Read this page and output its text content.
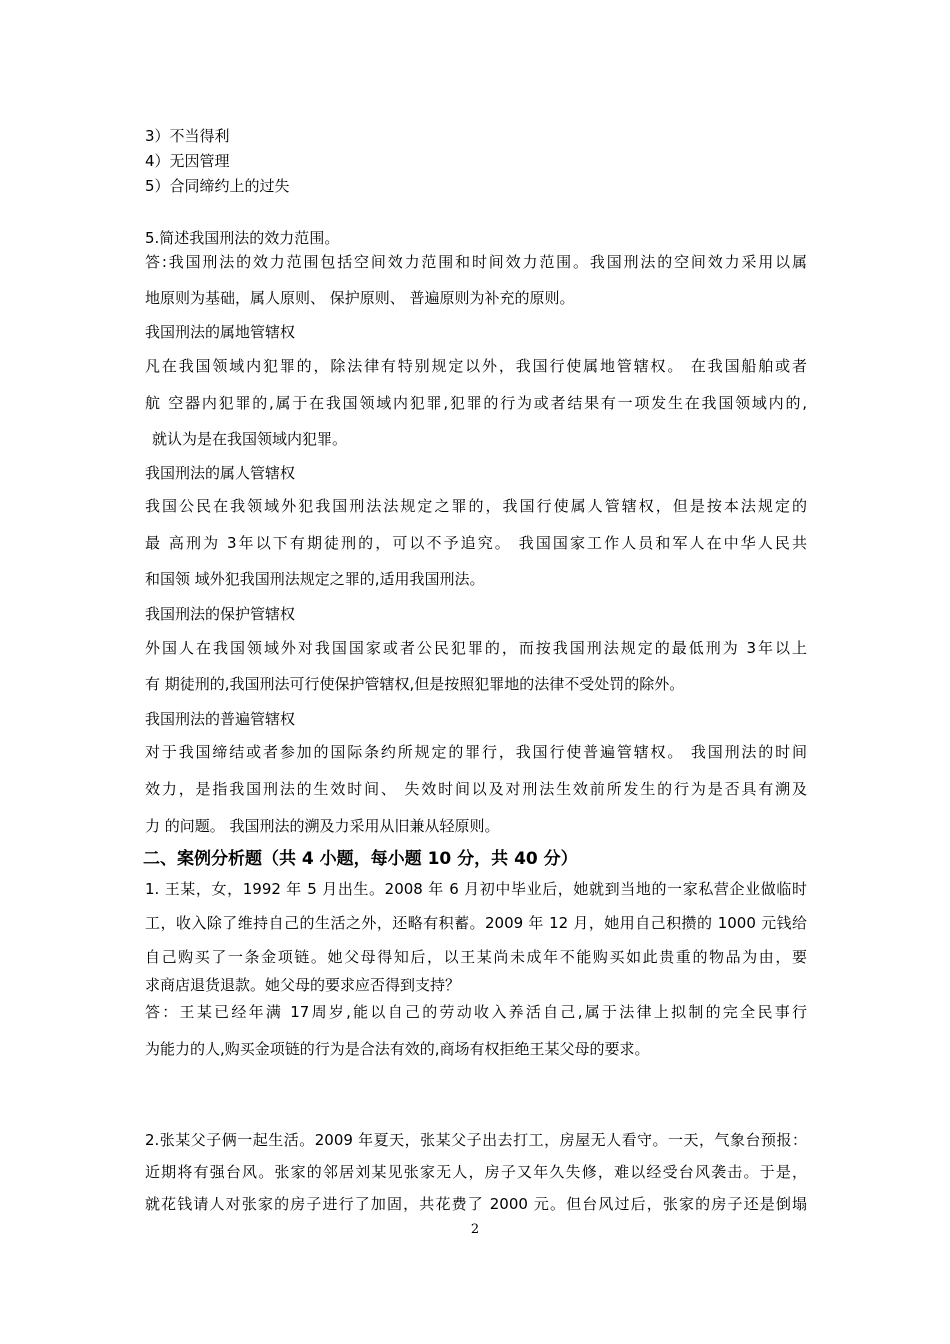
3）不当得利
4）无因管理
5）合同缔约上的过失
5.简述我国刑法的效力范围。
答:我国刑法的效力范围包括空间效力范围和时间效力范围。我国刑法的空间效力采用以属
地原则为基础，属人原则、 保护原则、 普遍原则为补充的原则。
我国刑法的属地管辖权
凡在我国领域内犯罪的，除法律有特别规定以外，我国行使属地管辖权。 在我国船舶或者
航 空器内犯罪的,属于在我国领域内犯罪,犯罪的行为或者结果有一项发生在我国领域内的,
就认为是在我国领域内犯罪。
我国刑法的属人管辖权
我国公民在我领域外犯我国刑法法规定之罪的，我国行使属人管辖权，但是按本法规定的
最 高刑为 3年以下有期徒刑的，可以不予追究。 我国国家工作人员和军人在中华人民共
和国领 域外犯我国刑法规定之罪的,适用我国刑法。
我国刑法的保护管辖权
外国人在我国领域外对我国国家或者公民犯罪的，而按我国刑法规定的最低刑为 3年以上
有 期徒刑的,我国刑法可行使保护管辖权,但是按照犯罪地的法律不受处罚的除外。
我国刑法的普遍管辖权
对于我国缔结或者参加的国际条约所规定的罪行，我国行使普遍管辖权。 我国刑法的时间
效力，是指我国刑法的生效时间、 失效时间以及对刑法生效前所发生的行为是否具有溯及
力 的问题。 我国刑法的溯及力采用从旧兼从轻原则。
二、案例分析题（共 4 小题，每小题 10 分，共 40 分）
1. 王某，女，1992 年 5 月出生。2008 年 6 月初中毕业后，她就到当地的一家私营企业做临时
工，收入除了维持自己的生活之外，还略有积蓄。2009 年 12 月，她用自己积攒的 1000 元钱给
自己购买了一条金项链。她父母得知后，以王某尚未成年不能购买如此贵重的物品为由，要
求商店退货退款。她父母的要求应否得到支持？
答：王某已经年满 17周岁,能以自己的劳动收入养活自己,属于法律上拟制的完全民事行
为能力的人,购买金项链的行为是合法有效的,商场有权拒绝王某父母的要求。
2.张某父子俩一起生活。2009 年夏天，张某父子出去打工，房屋无人看守。一天，气象台预报：
近期将有强台风。张家的邻居刘某见张家无人，房子又年久失修，难以经受台风袭击。于是，
就花钱请人对张家的房子进行了加固，共花费了 2000 元。但台风过后，张家的房子还是倒塌
2
